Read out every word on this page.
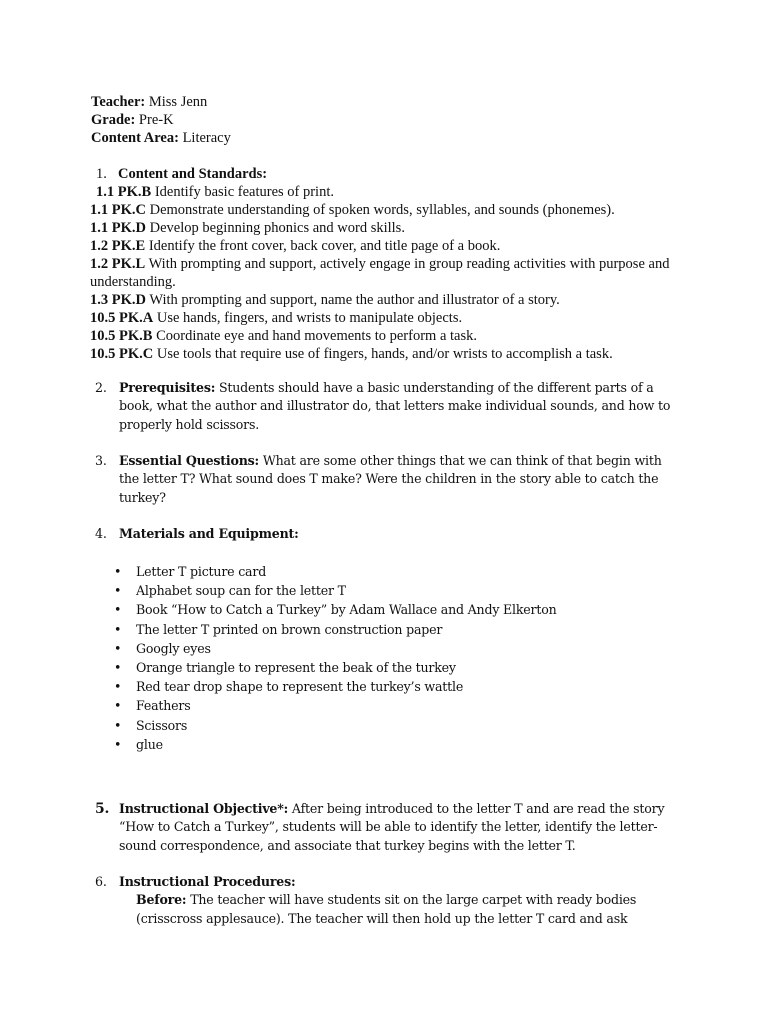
Teacher: Miss Jenn
Grade: Pre-K
Content Area: Literacy
1. Content and Standards:
1.1 PK.B Identify basic features of print.
1.1 PK.C Demonstrate understanding of spoken words, syllables, and sounds (phonemes).
1.1 PK.D Develop beginning phonics and word skills.
1.2 PK.E Identify the front cover, back cover, and title page of a book.
1.2 PK.L With prompting and support, actively engage in group reading activities with purpose and understanding.
1.3 PK.D With prompting and support, name the author and illustrator of a story.
10.5 PK.A Use hands, fingers, and wrists to manipulate objects.
10.5 PK.B Coordinate eye and hand movements to perform a task.
10.5 PK.C Use tools that require use of fingers, hands, and/or wrists to accomplish a task.
2. Prerequisites: Students should have a basic understanding of the different parts of a book, what the author and illustrator do, that letters make individual sounds, and how to properly hold scissors.
3. Essential Questions: What are some other things that we can think of that begin with the letter T? What sound does T make? Were the children in the story able to catch the turkey?
4. Materials and Equipment:
• Letter T picture card
• Alphabet soup can for the letter T
• Book “How to Catch a Turkey” by Adam Wallace and Andy Elkerton
• The letter T printed on brown construction paper
• Googly eyes
• Orange triangle to represent the beak of the turkey
• Red tear drop shape to represent the turkey’s wattle
• Feathers
• Scissors
• glue
5. Instructional Objective*: After being introduced to the letter T and are read the story “How to Catch a Turkey”, students will be able to identify the letter, identify the letter-sound correspondence, and associate that turkey begins with the letter T.
6. Instructional Procedures:
Before: The teacher will have students sit on the large carpet with ready bodies (crisscross applesauce). The teacher will then hold up the letter T card and ask
